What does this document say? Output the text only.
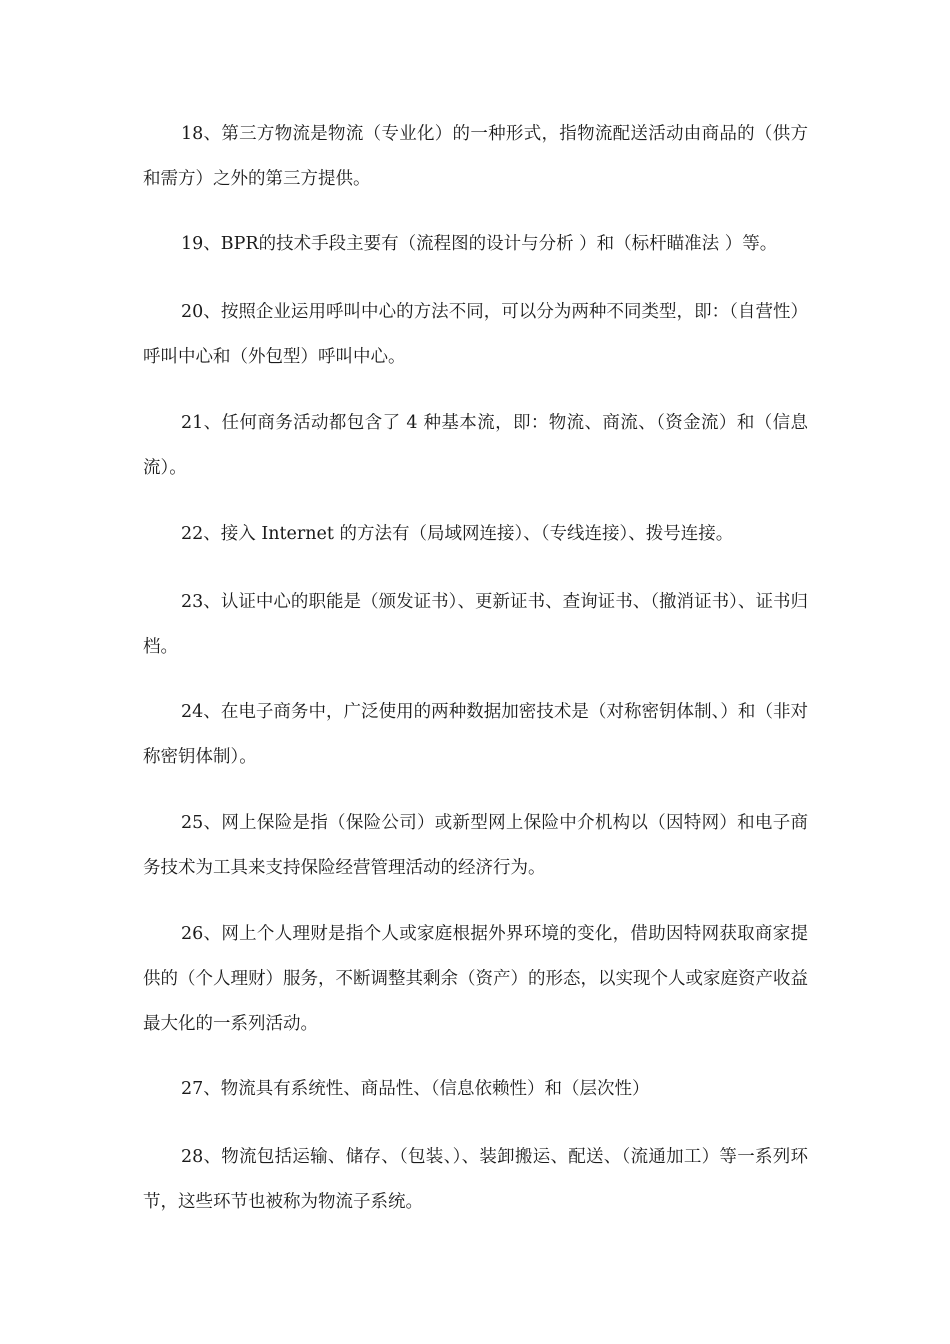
18、第三方物流是物流（专业化）的一种形式，指物流配送活动由商品的（供方和需方）之外的第三方提供。

19、BPR的技术手段主要有（流程图的设计与分析 ）和（标杆瞄准法 ）等。

20、按照企业运用呼叫中心的方法不同，可以分为两种不同类型，即：（自营性）呼叫中心和（外包型）呼叫中心。

21、任何商务活动都包含了 4 种基本流，即：物流、商流、（资金流）和（信息流）。

22、接入 Internet 的方法有（局域网连接）、（专线连接）、拨号连接。

23、认证中心的职能是（颁发证书）、更新证书、查询证书、（撤消证书）、证书归档。

24、在电子商务中，广泛使用的两种数据加密技术是（对称密钥体制、）和（非对称密钥体制）。

25、网上保险是指（保险公司）或新型网上保险中介机构以（因特网）和电子商务技术为工具来支持保险经营管理活动的经济行为。

26、网上个人理财是指个人或家庭根据外界环境的变化，借助因特网获取商家提供的（个人理财）服务，不断调整其剩余（资产）的形态，以实现个人或家庭资产收益最大化的一系列活动。

27、物流具有系统性、商品性、（信息依赖性）和（层次性）

28、物流包括运输、储存、（包装、）、装卸搬运、配送、（流通加工）等一系列环节，这些环节也被称为物流子系统。
